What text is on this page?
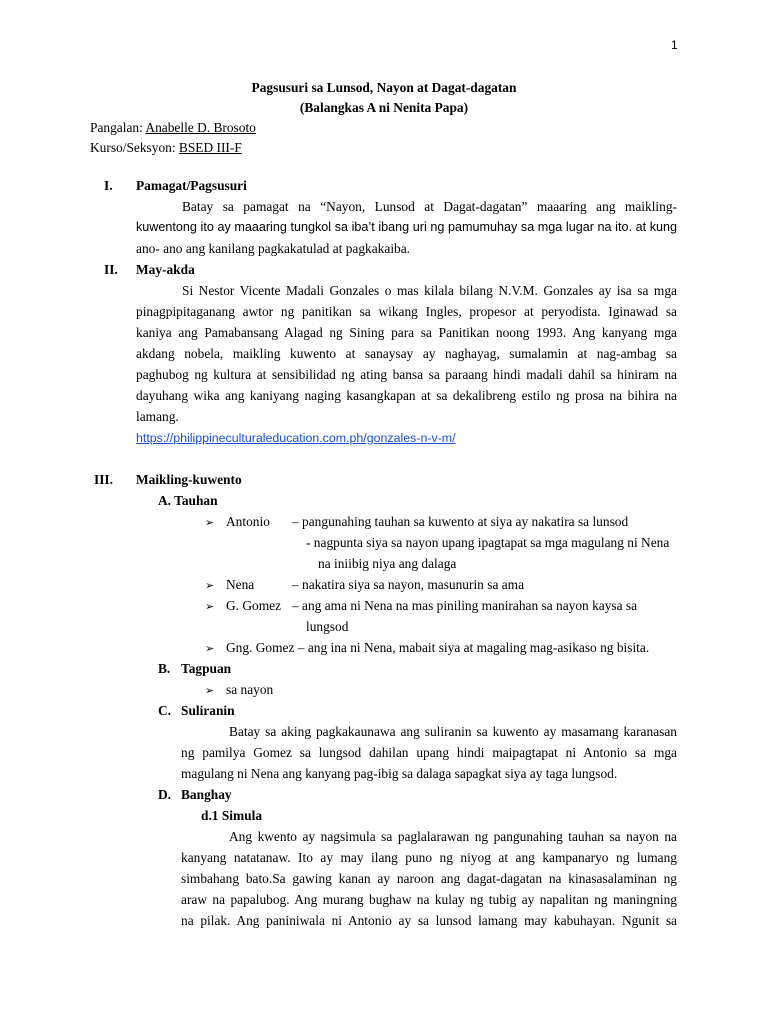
1
Pagsusuri sa Lunsod, Nayon at Dagat-dagatan
(Balangkas A ni Nenita Papa)
Pangalan: Anabelle D. Brosoto
Kurso/Seksyon: BSED III-F
I. Pamagat/Pagsusuri
Batay sa pamagat na “Nayon, Lunsod at Dagat-dagatan” maaaring ang maikling-
kuwentong ito ay maaaring tungkol sa iba’t ibang uri ng pamumuhay sa mga lugar na ito. at kung
ano- ano ang kanilang pagkakatulad at pagkakaiba.
II. May-akda
Si Nestor Vicente Madali Gonzales o mas kilala bilang N.V.M. Gonzales ay isa sa mga
pinagpipitaganang awtor ng panitikan sa wikang Ingles, propesor at peryodista. Iginawad sa
kaniya ang Pamabansang Alagad ng Sining para sa Panitikan noong 1993. Ang kanyang mga
akdang nobela, maikling kuwento at sanaysay ay naghayag, sumalamin at nag-ambag sa
paghubog ng kultura at sensibilidad ng ating bansa sa paraang hindi madali dahil sa hiniram na
dayuhang wika ang kaniyang naging kasangkapan at sa dekalibreng estilo ng prosa na bihira na
lamang.
https://philippineculturaleducation.com.ph/gonzales-n-v-m/
III. Maikling-kuwento
A. Tauhan
➢ Antonio – pangunahing tauhan sa kuwento at siya ay nakatira sa lunsod
- nagpunta siya sa nayon upang ipagtapat sa mga magulang ni Nena
na iniibig niya ang dalaga
➢ Nena	– nakatira siya sa nayon, masunurin sa ama
➢ G. Gomez – ang ama ni Nena na mas piniling manirahan sa nayon kaysa sa
lungsod
➢ Gng. Gomez – ang ina ni Nena, mabait siya at magaling mag-asikaso ng bisita.
B. Tagpuan
➢ sa nayon
C. Suliranin
Batay sa aking pagkakaunawa ang suliranin sa kuwento ay masamang karanasan
ng pamilya Gomez sa lungsod dahilan upang hindi maipagtapat ni Antonio sa mga
magulang ni Nena ang kanyang pag-ibig sa dalaga sapagkat siya ay taga lungsod.
D. Banghay
d.1 Simula
Ang kwento ay nagsimula sa paglalarawan ng pangunahing tauhan sa nayon na
kanyang natatanaw. Ito ay may ilang puno ng niyog at ang kampanaryo ng lumang
simbahang bato.Sa gawing kanan ay naroon ang dagat-dagatan na kinasasalaminan ng
araw na papalubog. Ang murang bughaw na kulay ng tubig ay napalitan ng maningning
na pilak. Ang paniniwala ni Antonio ay sa lunsod lamang may kabuhayan. Ngunit sa
